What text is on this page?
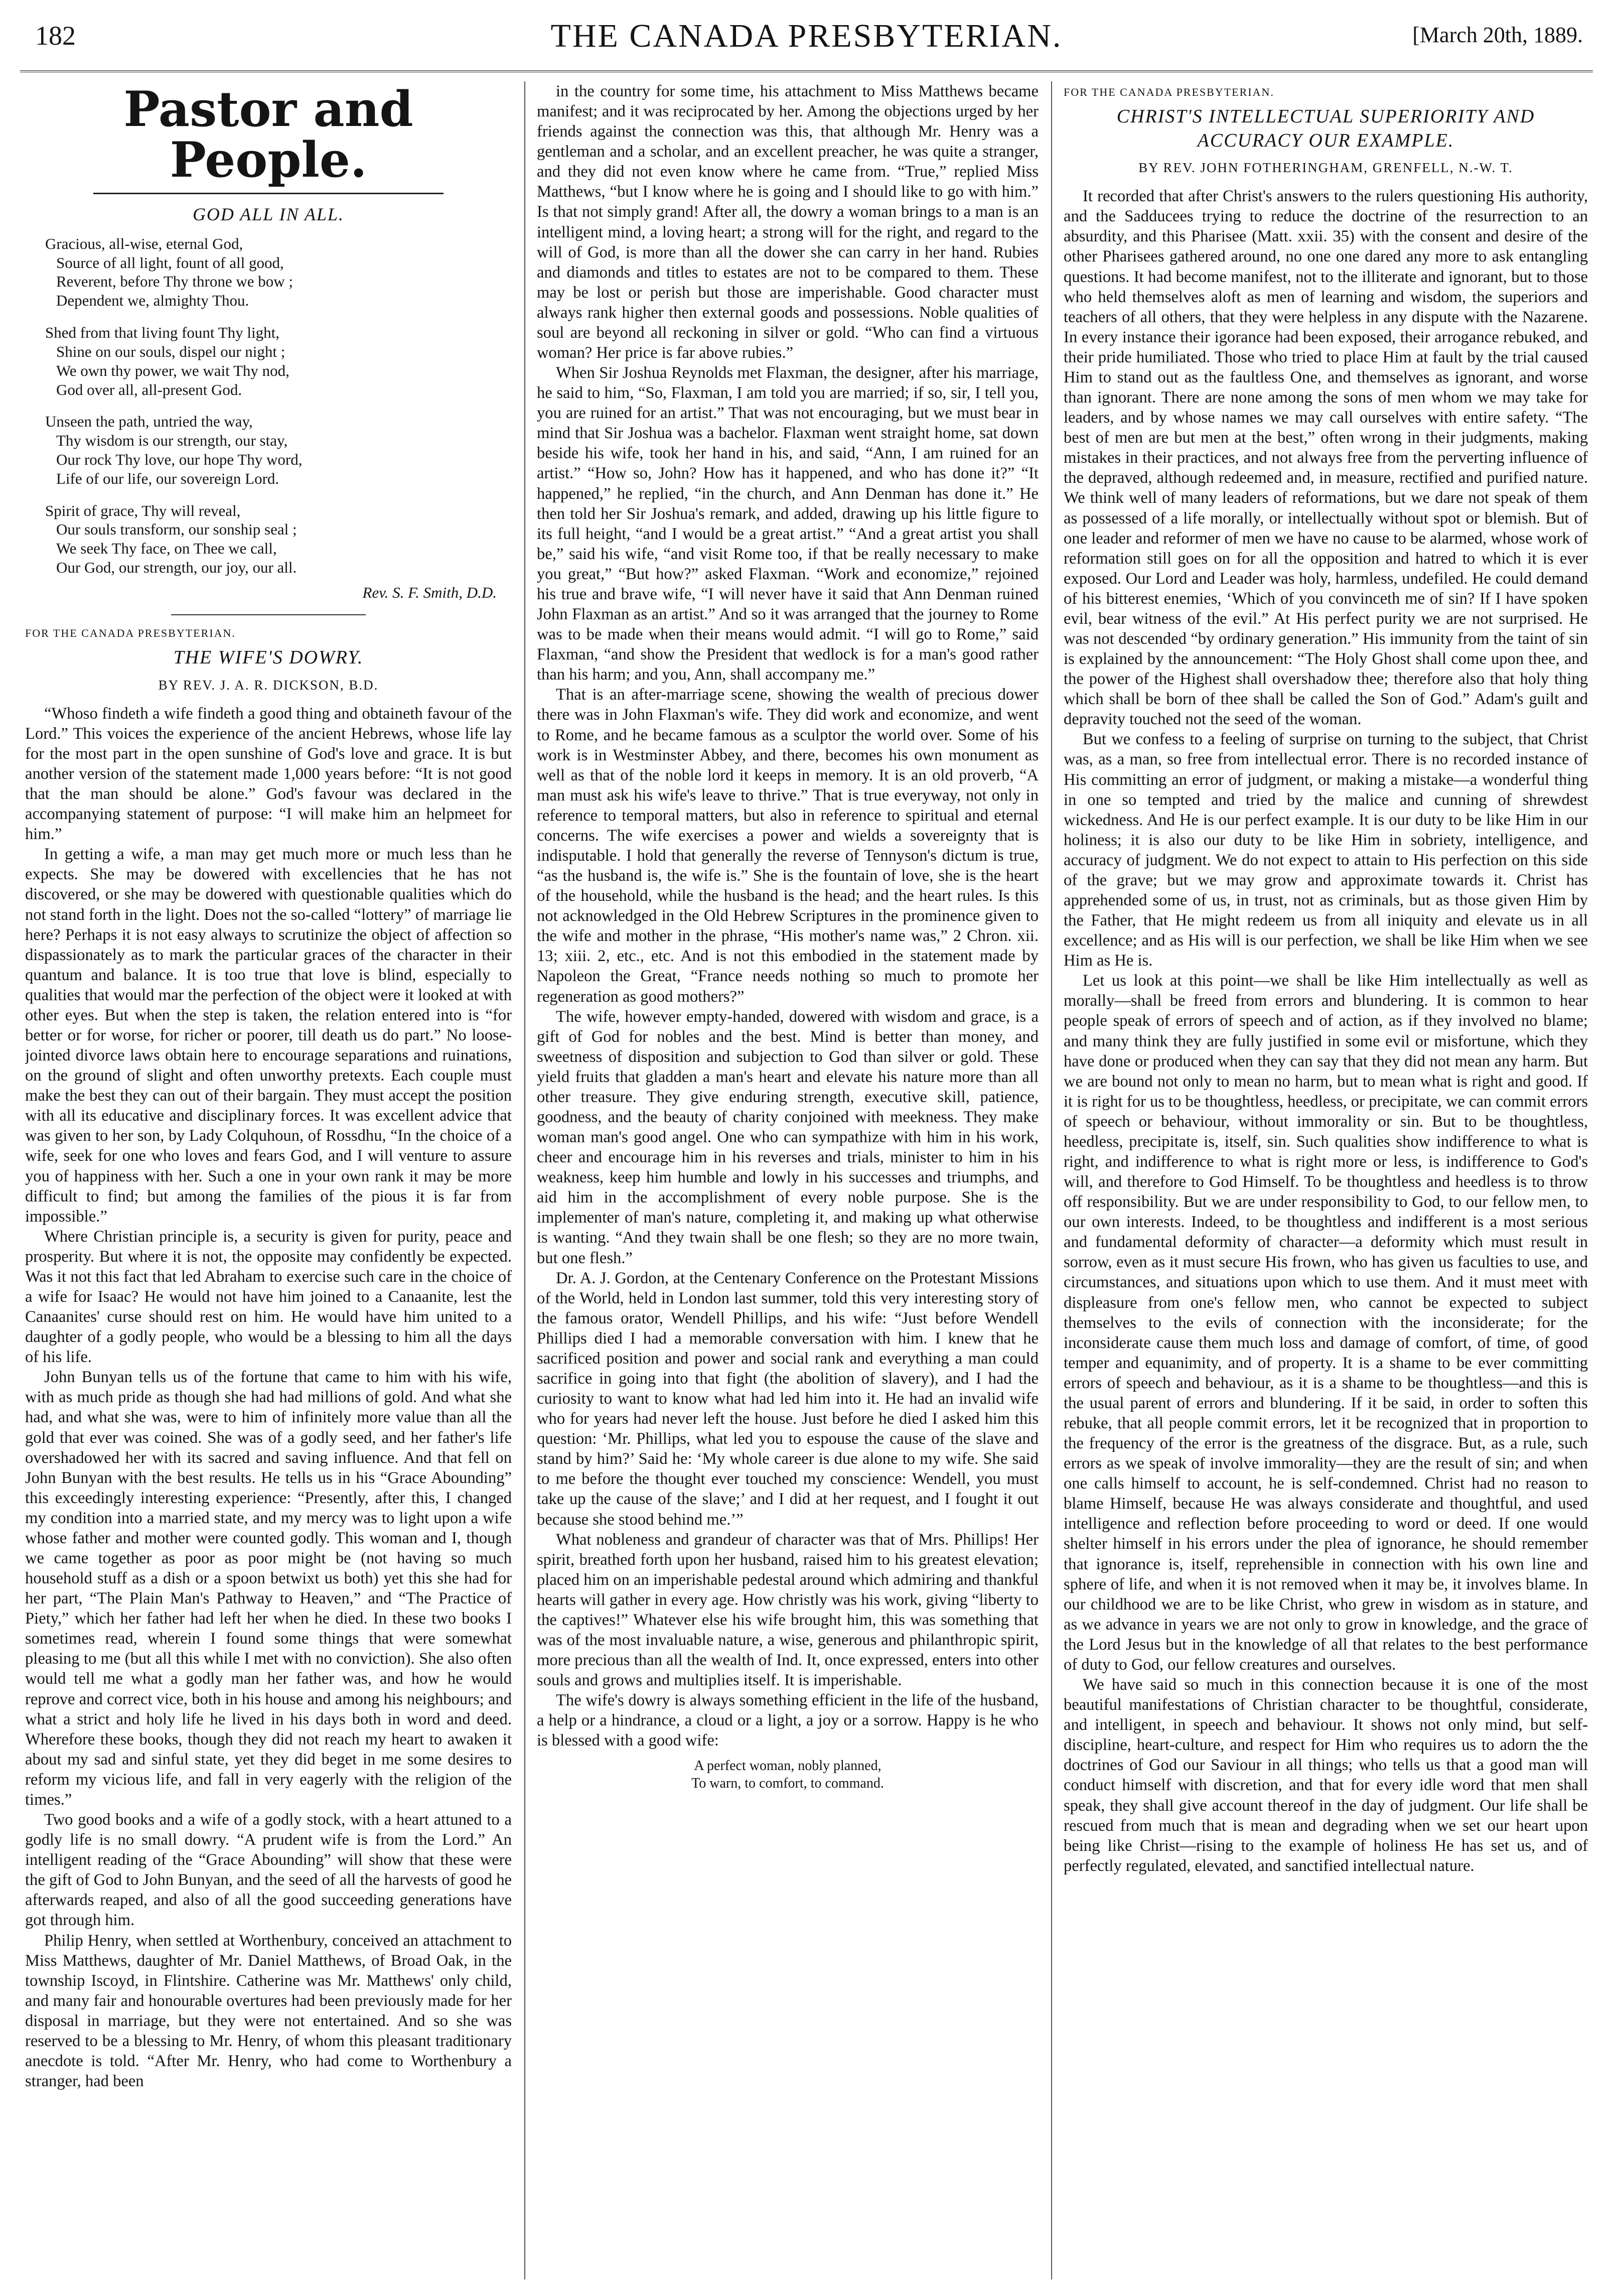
182	THE CANADA PRESBYTERIAN.	[March 20th, 1889.
Pastor and People.
GOD ALL IN ALL.
Gracious, all-wise, eternal God,
Source of all light, fount of all good,
Reverent, before Thy throne we bow ;
Dependent we, almighty Thou.
Shed from that living fount Thy light,
Shine on our souls, dispel our night ;
We own thy power, we wait Thy nod,
God over all, all-present God.
Unseen the path, untried the way,
Thy wisdom is our strength, our stay,
Our rock Thy love, our hope Thy word,
Life of our life, our sovereign Lord.
Spirit of grace, Thy will reveal,
Our souls transform, our sonship seal ;
We seek Thy face, on Thee we call,
Our God, our strength, our joy, our all.
Rev. S. F. Smith, D.D.
FOR THE CANADA PRESBYTERIAN.
THE WIFE'S DOWRY.
BY REV. J. A. R. DICKSON, B.D.

“Whoso findeth a wife findeth a good thing and obtaineth favour of the Lord.” This voices the experience of the ancient Hebrews, whose life lay for the most part in the open sunshine of God's love and grace. It is but another version of the statement made 1,000 years before: “It is not good that the man should be alone.” God's favour was declared in the accompanying statement of purpose: “I will make him an helpmeet for him.”

In getting a wife, a man may get much more or much less than he expects. She may be dowered with excellencies that he has not discovered, or she may be dowered with questionable qualities which do not stand forth in the light. Does not the so-called “lottery” of marriage lie here? Perhaps it is not easy always to scrutinize the object of affection so dispassionately as to mark the particular graces of the character in their quantum and balance. It is too true that love is blind, especially to qualities that would mar the perfection of the object were it looked at with other eyes. But when the step is taken, the relation entered into is “for better or for worse, for richer or poorer, till death us do part.” No loose-jointed divorce laws obtain here to encourage separations and ruinations, on the ground of slight and often unworthy pretexts. Each couple must make the best they can out of their bargain. They must accept the position with all its educative and disciplinary forces. It was excellent advice that was given to her son, by Lady Colquhoun, of Rossdhu, “In the choice of a wife, seek for one who loves and fears God, and I will venture to assure you of happiness with her. Such a one in your own rank it may be more difficult to find; but among the families of the pious it is far from impossible.”

Where Christian principle is, a security is given for purity, peace and prosperity. But where it is not, the opposite may confidently be expected. Was it not this fact that led Abraham to exercise such care in the choice of a wife for Isaac? He would not have him joined to a Canaanite, lest the Canaanites' curse should rest on him. He would have him united to a daughter of a godly people, who would be a blessing to him all the days of his life.

John Bunyan tells us of the fortune that came to him with his wife, with as much pride as though she had had millions of gold. And what she had, and what she was, were to him of infinitely more value than all the gold that ever was coined. She was of a godly seed, and her father's life overshadowed her with its sacred and saving influence. And that fell on John Bunyan with the best results. He tells us in his “Grace Abounding” this exceedingly interesting experience: “Presently, after this, I changed my condition into a married state, and my mercy was to light upon a wife whose father and mother were counted godly. This woman and I, though we came together as poor as poor might be (not having so much household stuff as a dish or a spoon betwixt us both) yet this she had for her part, “The Plain Man's Pathway to Heaven,” and “The Practice of Piety,” which her father had left her when he died. In these two books I sometimes read, wherein I found some things that were somewhat pleasing to me (but all this while I met with no conviction). She also often would tell me what a godly man her father was, and how he would reprove and correct vice, both in his house and among his neighbours; and what a strict and holy life he lived in his days both in word and deed. Wherefore these books, though they did not reach my heart to awaken it about my sad and sinful state, yet they did beget in me some desires to reform my vicious life, and fall in very eagerly with the religion of the times.”

Two good books and a wife of a godly stock, with a heart attuned to a godly life is no small dowry. “A prudent wife is from the Lord.” An intelligent reading of the “Grace Abounding” will show that these were the gift of God to John Bunyan, and the seed of all the harvests of good he afterwards reaped, and also of all the good succeeding generations have got through him.

Philip Henry, when settled at Worthenbury, conceived an attachment to Miss Matthews, daughter of Mr. Daniel Matthews, of Broad Oak, in the township Iscoyd, in Flintshire. Catherine was Mr. Matthews' only child, and many fair and honourable overtures had been previously made for her disposal in marriage, but they were not entertained. And so she was reserved to be a blessing to Mr. Henry, of whom this pleasant traditionary anecdote is told. “After Mr. Henry, who had come to Worthenbury a stranger, had been

in the country for some time, his attachment to Miss Matthews became manifest; and it was reciprocated by her. Among the objections urged by her friends against the connection was this, that although Mr. Henry was a gentleman and a scholar, and an excellent preacher, he was quite a stranger, and they did not even know where he came from. “True,” replied Miss Matthews, “but I know where he is going and I should like to go with him.” Is that not simply grand! After all, the dowry a woman brings to a man is an intelligent mind, a loving heart; a strong will for the right, and regard to the will of God, is more than all the dower she can carry in her hand. Rubies and diamonds and titles to estates are not to be compared to them. These may be lost or perish but those are imperishable. Good character must always rank higher then external goods and possessions. Noble qualities of soul are beyond all reckoning in silver or gold. “Who can find a virtuous woman? Her price is far above rubies.”

When Sir Joshua Reynolds met Flaxman, the designer, after his marriage, he said to him, “So, Flaxman, I am told you are married; if so, sir, I tell you, you are ruined for an artist.” That was not encouraging, but we must bear in mind that Sir Joshua was a bachelor. Flaxman went straight home, sat down beside his wife, took her hand in his, and said, “Ann, I am ruined for an artist.” “How so, John? How has it happened, and who has done it?” “It happened,” he replied, “in the church, and Ann Denman has done it.” He then told her Sir Joshua's remark, and added, drawing up his little figure to its full height, “and I would be a great artist.” “And a great artist you shall be,” said his wife, “and visit Rome too, if that be really necessary to make you great,” “But how?” asked Flaxman. “Work and economize,” rejoined his true and brave wife, “I will never have it said that Ann Denman ruined John Flaxman as an artist.” And so it was arranged that the journey to Rome was to be made when their means would admit. “I will go to Rome,” said Flaxman, “and show the President that wedlock is for a man's good rather than his harm; and you, Ann, shall accompany me.”

That is an after-marriage scene, showing the wealth of precious dower there was in John Flaxman's wife. They did work and economize, and went to Rome, and he became famous as a sculptor the world over. Some of his work is in Westminster Abbey, and there, becomes his own monument as well as that of the noble lord it keeps in memory. It is an old proverb, “A man must ask his wife's leave to thrive.” That is true everyway, not only in reference to temporal matters, but also in reference to spiritual and eternal concerns. The wife exercises a power and wields a sovereignty that is indisputable. I hold that generally the reverse of Tennyson's dictum is true, “as the husband is, the wife is.” She is the fountain of love, she is the heart of the household, while the husband is the head; and the heart rules. Is this not acknowledged in the Old Hebrew Scriptures in the prominence given to the wife and mother in the phrase, “His mother's name was,” 2 Chron. xii. 13; xiii. 2, etc., etc. And is not this embodied in the statement made by Napoleon the Great, “France needs nothing so much to promote her regeneration as good mothers?”

The wife, however empty-handed, dowered with wisdom and grace, is a gift of God for nobles and the best. Mind is better than money, and sweetness of disposition and subjection to God than silver or gold. These yield fruits that gladden a man's heart and elevate his nature more than all other treasure. They give enduring strength, executive skill, patience, goodness, and the beauty of charity conjoined with meekness. They make woman man's good angel. One who can sympathize with him in his work, cheer and encourage him in his reverses and trials, minister to him in his weakness, keep him humble and lowly in his successes and triumphs, and aid him in the accomplishment of every noble purpose. She is the implementer of man's nature, completing it, and making up what otherwise is wanting. “And they twain shall be one flesh; so they are no more twain, but one flesh.”

Dr. A. J. Gordon, at the Centenary Conference on the Protestant Missions of the World, held in London last summer, told this very interesting story of the famous orator, Wendell Phillips, and his wife: “Just before Wendell Phillips died I had a memorable conversation with him. I knew that he sacrificed position and power and social rank and everything a man could sacrifice in going into that fight (the abolition of slavery), and I had the curiosity to want to know what had led him into it. He had an invalid wife who for years had never left the house. Just before he died I asked him this question: ‘Mr. Phillips, what led you to espouse the cause of the slave and stand by him?’ Said he: ‘My whole career is due alone to my wife. She said to me before the thought ever touched my conscience: Wendell, you must take up the cause of the slave;’ and I did at her request, and I fought it out because she stood behind me.’”

What nobleness and grandeur of character was that of Mrs. Phillips! Her spirit, breathed forth upon her husband, raised him to his greatest elevation; placed him on an imperishable pedestal around which admiring and thankful hearts will gather in every age. How christly was his work, giving “liberty to the captives!” Whatever else his wife brought him, this was something that was of the most invaluable nature, a wise, generous and philanthropic spirit, more precious than all the wealth of Ind. It, once expressed, enters into other souls and grows and multiplies itself. It is imperishable.

The wife's dowry is always something efficient in the life of the husband, a help or a hindrance, a cloud or a light, a joy or a sorrow. Happy is he who is blessed with a good wife:

A perfect woman, nobly planned,
To warn, to comfort, to command.
FOR THE CANADA PRESBYTERIAN.
CHRIST'S INTELLECTUAL SUPERIORITY AND ACCURACY OUR EXAMPLE.
BY REV. JOHN FOTHERINGHAM, GRENFELL, N.-W. T.

It recorded that after Christ's answers to the rulers questioning His authority, and the Sadducees trying to reduce the doctrine of the resurrection to an absurdity, and this Pharisee (Matt. xxii. 35) with the consent and desire of the other Pharisees gathered around, no one one dared any more to ask entangling questions. It had become manifest, not to the illiterate and ignorant, but to those who held themselves aloft as men of learning and wisdom, the superiors and teachers of all others, that they were helpless in any dispute with the Nazarene. In every instance their igorance had been exposed, their arrogance rebuked, and their pride humiliated. Those who tried to place Him at fault by the trial caused Him to stand out as the faultless One, and themselves as ignorant, and worse than ignorant. There are none among the sons of men whom we may take for leaders, and by whose names we may call ourselves with entire safety. “The best of men are but men at the best,” often wrong in their judgments, making mistakes in their practices, and not always free from the perverting influence of the depraved, although redeemed and, in measure, rectified and purified nature. We think well of many leaders of reformations, but we dare not speak of them as possessed of a life morally, or intellectually without spot or blemish. But of one leader and reformer of men we have no cause to be alarmed, whose work of reformation still goes on for all the opposition and hatred to which it is ever exposed. Our Lord and Leader was holy, harmless, undefiled. He could demand of his bitterest enemies, ‘Which of you convinceth me of sin? If I have spoken evil, bear witness of the evil.” At His perfect purity we are not surprised. He was not descended “by ordinary generation.” His immunity from the taint of sin is explained by the announcement: “The Holy Ghost shall come upon thee, and the power of the Highest shall overshadow thee; therefore also that holy thing which shall be born of thee shall be called the Son of God.” Adam's guilt and depravity touched not the seed of the woman.

But we confess to a feeling of surprise on turning to the subject, that Christ was, as a man, so free from intellectual error. There is no recorded instance of His committing an error of judgment, or making a mistake—a wonderful thing in one so tempted and tried by the malice and cunning of shrewdest wickedness. And He is our perfect example. It is our duty to be like Him in our holiness; it is also our duty to be like Him in sobriety, intelligence, and accuracy of judgment. We do not expect to attain to His perfection on this side of the grave; but we may grow and approximate towards it. Christ has apprehended some of us, in trust, not as criminals, but as those given Him by the Father, that He might redeem us from all iniquity and elevate us in all excellence; and as His will is our perfection, we shall be like Him when we see Him as He is.

Let us look at this point—we shall be like Him intellectually as well as morally—shall be freed from errors and blundering. It is common to hear people speak of errors of speech and of action, as if they involved no blame; and many think they are fully justified in some evil or misfortune, which they have done or produced when they can say that they did not mean any harm. But we are bound not only to mean no harm, but to mean what is right and good. If it is right for us to be thoughtless, heedless, or precipitate, we can commit errors of speech or behaviour, without immorality or sin. But to be thoughtless, heedless, precipitate is, itself, sin. Such qualities show indifference to what is right, and indifference to what is right more or less, is indifference to God's will, and therefore to God Himself. To be thoughtless and heedless is to throw off responsibility. But we are under responsibility to God, to our fellow men, to our own interests. Indeed, to be thoughtless and indifferent is a most serious and fundamental deformity of character—a deformity which must result in sorrow, even as it must secure His frown, who has given us faculties to use, and circumstances, and situations upon which to use them. And it must meet with displeasure from one's fellow men, who cannot be expected to subject themselves to the evils of connection with the inconsiderate; for the inconsiderate cause them much loss and damage of comfort, of time, of good temper and equanimity, and of property. It is a shame to be ever committing errors of speech and behaviour, as it is a shame to be thoughtless—and this is the usual parent of errors and blundering. If it be said, in order to soften this rebuke, that all people commit errors, let it be recognized that in proportion to the frequency of the error is the greatness of the disgrace. But, as a rule, such errors as we speak of involve immorality—they are the result of sin; and when one calls himself to account, he is self-condemned. Christ had no reason to blame Himself, because He was always considerate and thoughtful, and used intelligence and reflection before proceeding to word or deed. If one would shelter himself in his errors under the plea of ignorance, he should remember that ignorance is, itself, reprehensible in connection with his own line and sphere of life, and when it is not removed when it may be, it involves blame. In our childhood we are to be like Christ, who grew in wisdom as in stature, and as we advance in years we are not only to grow in knowledge, and the grace of the Lord Jesus but in the knowledge of all that relates to the best performance of duty to God, our fellow creatures and ourselves.

We have said so much in this connection because it is one of the most beautiful manifestations of Christian character to be thoughtful, considerate, and intelligent, in speech and behaviour. It shows not only mind, but self-discipline, heart-culture, and respect for Him who requires us to adorn the the doctrines of God our Saviour in all things; who tells us that a good man will conduct himself with discretion, and that for every idle word that men shall speak, they shall give account thereof in the day of judgment. Our life shall be rescued from much that is mean and degrading when we set our heart upon being like Christ—rising to the example of holiness He has set us, and of perfectly regulated, elevated, and sanctified intellectual nature.
